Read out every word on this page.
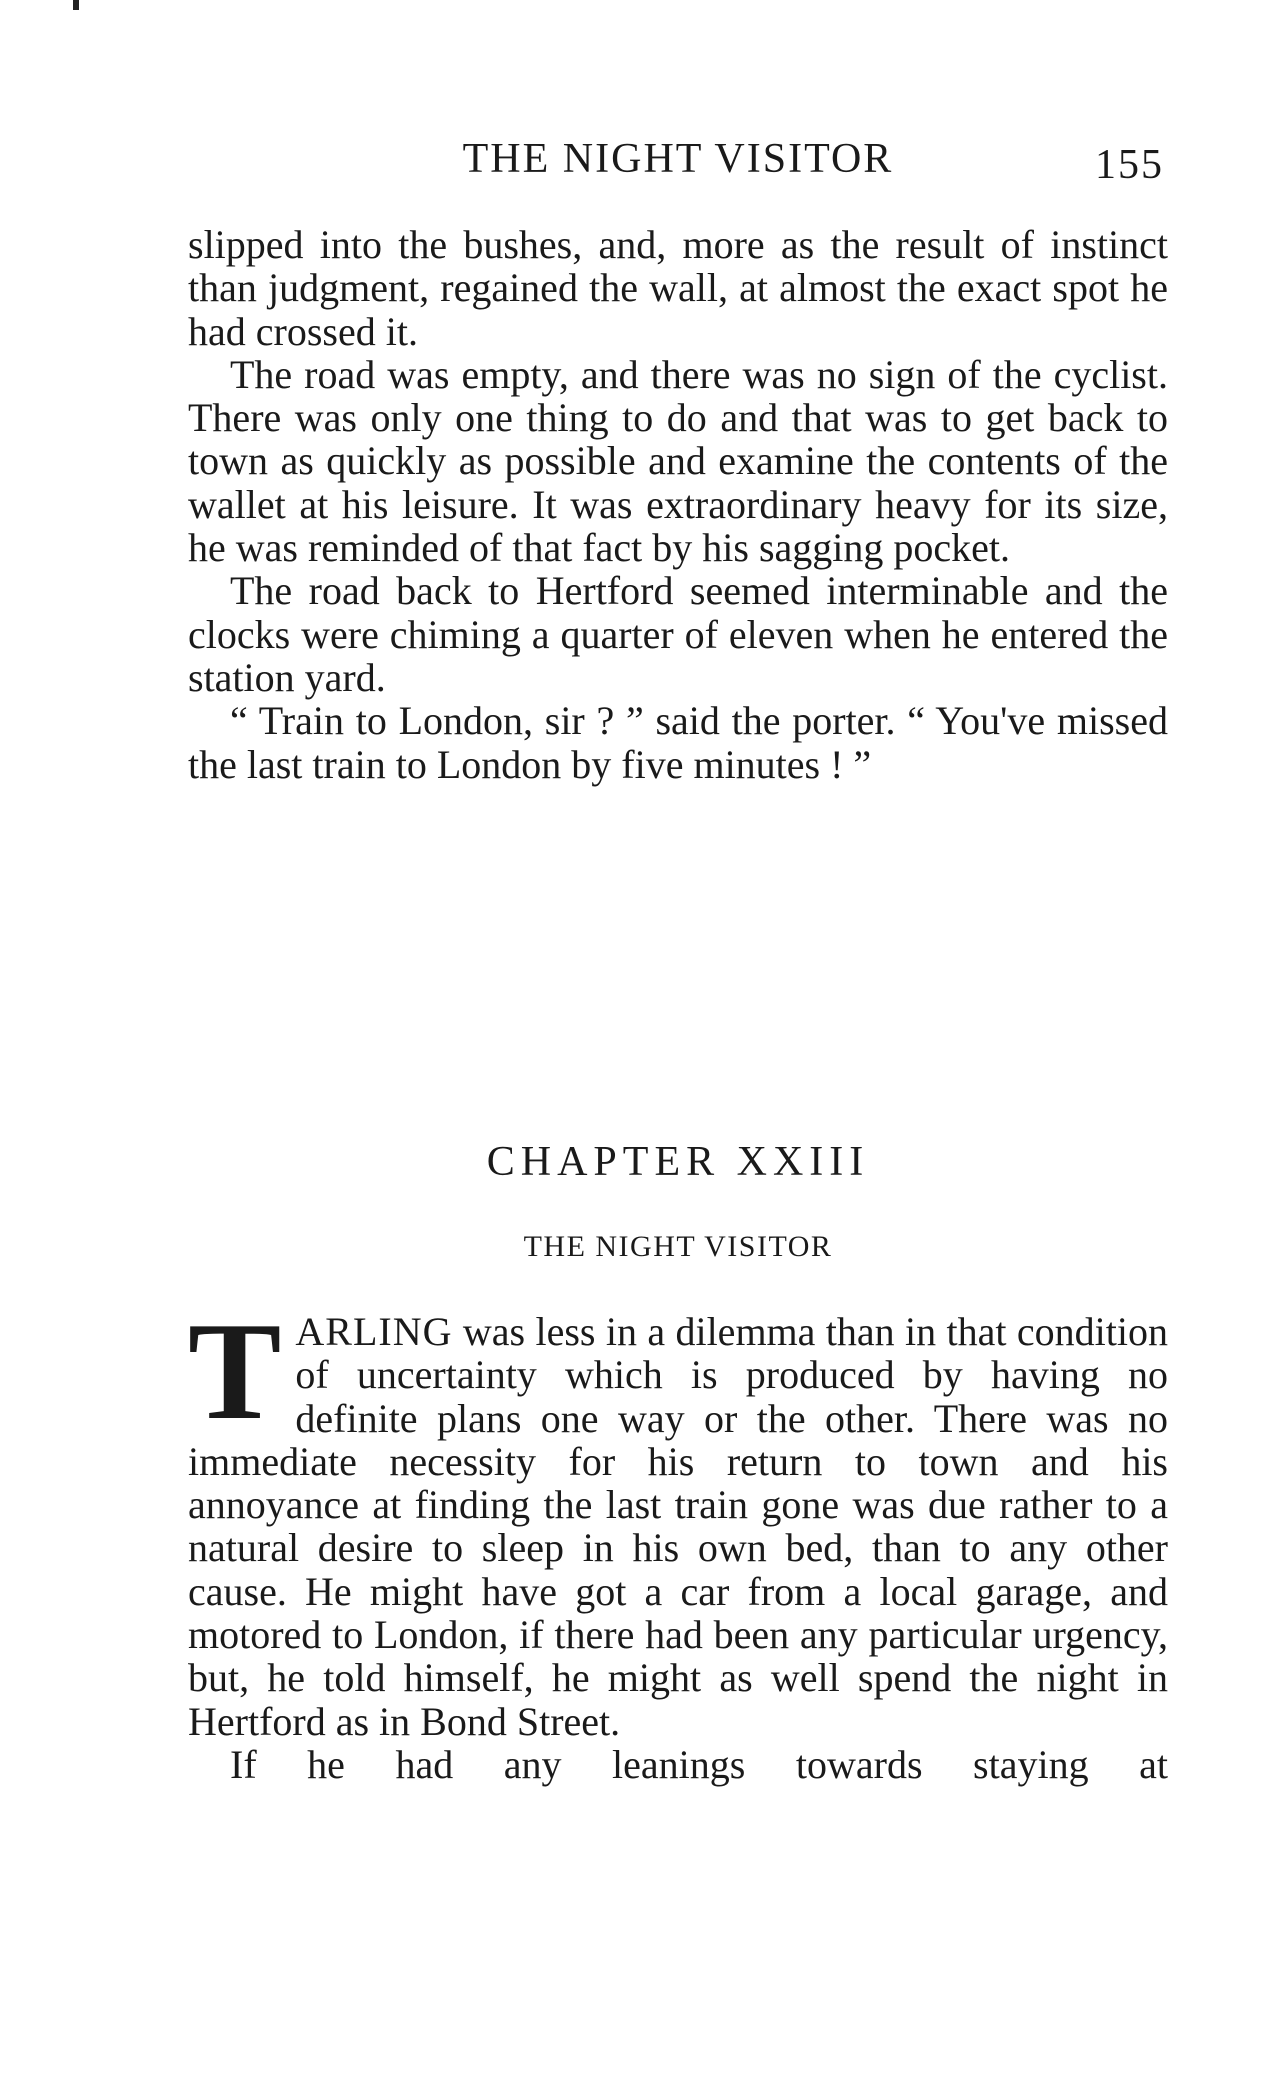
THE NIGHT VISITOR	155

slipped into the bushes, and, more as the result of instinct than judgment, regained the wall, at almost the exact spot he had crossed it.

The road was empty, and there was no sign of the cyclist. There was only one thing to do and that was to get back to town as quickly as possible and examine the contents of the wallet at his leisure. It was extraordinary heavy for its size, he was reminded of that fact by his sagging pocket.

The road back to Hertford seemed interminable and the clocks were chiming a quarter of eleven when he entered the station yard.

“ Train to London, sir ? ” said the porter. “ You've missed the last train to London by five minutes ! ”

CHAPTER XXIII
THE NIGHT VISITOR

TARLING was less in a dilemma than in that condition of uncertainty which is produced by having no definite plans one way or the other. There was no immediate necessity for his return to town and his annoyance at finding the last train gone was due rather to a natural desire to sleep in his own bed, than to any other cause. He might have got a car from a local garage, and motored to London, if there had been any particular urgency, but, he told himself, he might as well spend the night in Hertford as in Bond Street.

If he had any leanings towards staying at
